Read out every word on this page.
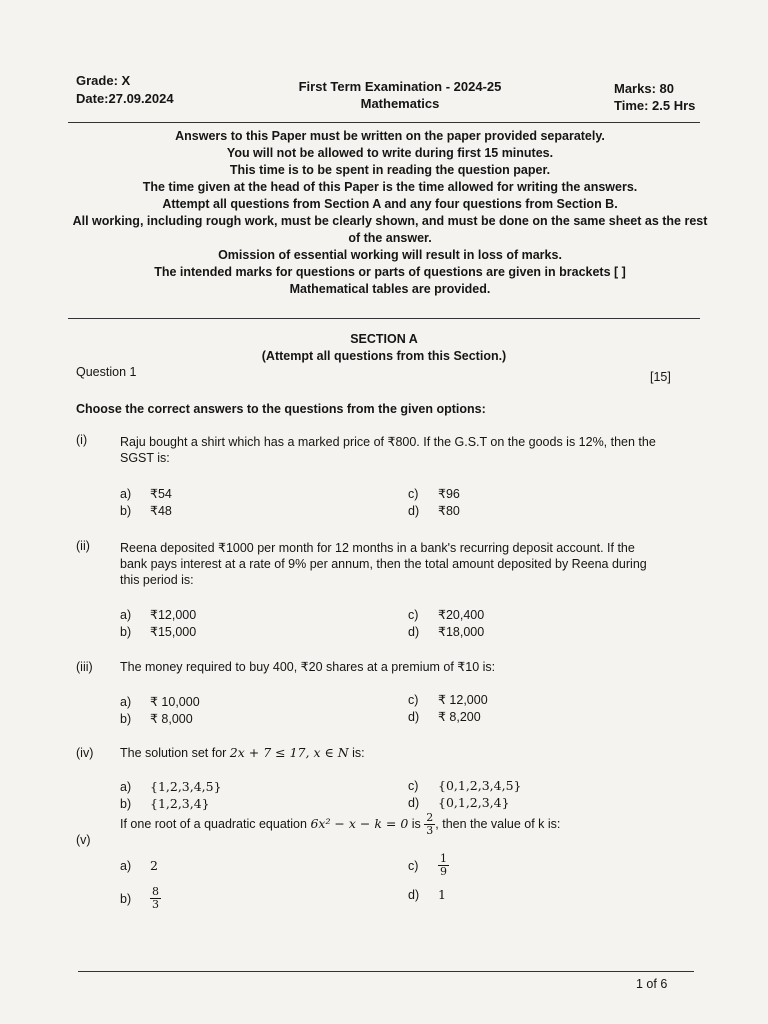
Grade: X
Date:27.09.2024
First Term Examination - 2024-25
Mathematics
Marks: 80
Time: 2.5 Hrs
Answers to this Paper must be written on the paper provided separately.
You will not be allowed to write during first 15 minutes.
This time is to be spent in reading the question paper.
The time given at the head of this Paper is the time allowed for writing the answers.
Attempt all questions from Section A and any four questions from Section B.
All working, including rough work, must be clearly shown, and must be done on the same sheet as the rest of the answer.
Omission of essential working will result in loss of marks.
The intended marks for questions or parts of questions are given in brackets [ ]
Mathematical tables are provided.
SECTION A
(Attempt all questions from this Section.)
Question 1	[15]
Choose the correct answers to the questions from the given options:
(i)	Raju bought a shirt which has a marked price of ₹800. If the G.S.T on the goods is 12%, then the SGST is:
a) ₹54
b) ₹48
c) ₹96
d) ₹80
(ii) Reena deposited ₹1000 per month for 12 months in a bank's recurring deposit account. If the bank pays interest at a rate of 9% per annum, then the total amount deposited by Reena during this period is:
a) ₹12,000
b) ₹15,000
c) ₹20,400
d) ₹18,000
(iii) The money required to buy 400, ₹20 shares at a premium of ₹10 is:
a) ₹ 10,000
b) ₹ 8,000
c) ₹ 12,000
d) ₹ 8,200
(iv) The solution set for 2x + 7 ≤ 17, x ∈ N is:
a) {1,2,3,4,5}
b) {1,2,3,4}
c) {0,1,2,3,4,5}
d) {0,1,2,3,4}
(v)
If one root of a quadratic equation 6x² − x − k = 0 is $\frac{2}{3}$ , then the value of k is:
a) 2
$b) \frac{8}{3}$
$c) \frac{1}{9}$
d) 1
1 of 6
